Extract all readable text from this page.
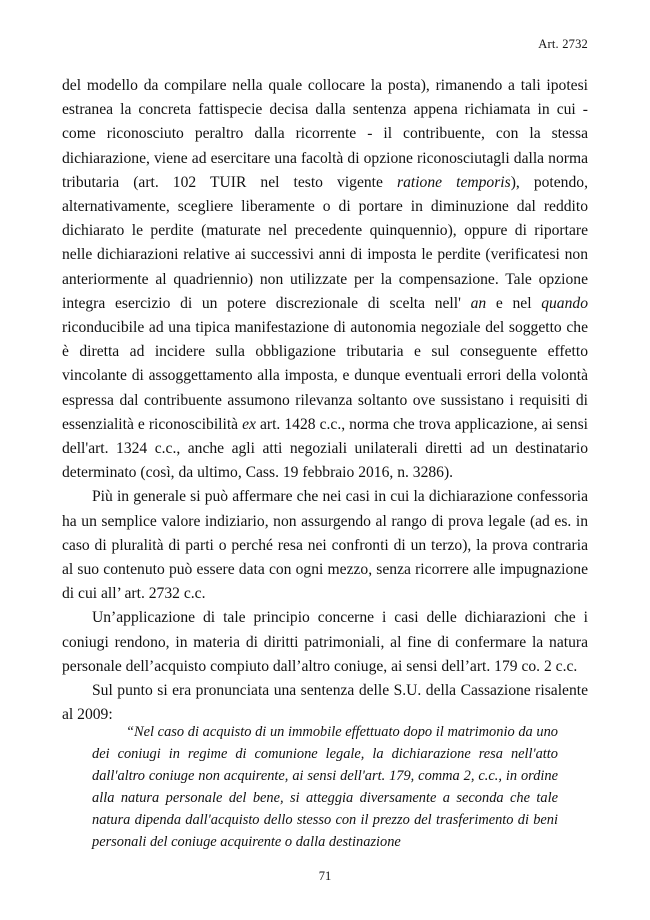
Art. 2732

del modello da compilare nella quale collocare la posta), rimanendo a tali ipotesi estranea la concreta fattispecie decisa dalla sentenza appena richiamata in cui - come riconosciuto peraltro dalla ricorrente - il contribuente, con la stessa dichiarazione, viene ad esercitare una facoltà di opzione riconosciutagli dalla norma tributaria (art. 102 TUIR nel testo vigente ratione temporis), potendo, alternativamente, scegliere liberamente o di portare in diminuzione dal reddito dichiarato le perdite (maturate nel precedente quinquennio), oppure di riportare nelle dichiarazioni relative ai successivi anni di imposta le perdite (verificatesi non anteriormente al quadriennio) non utilizzate per la compensazione. Tale opzione integra esercizio di un potere discrezionale di scelta nell' an e nel quando riconducibile ad una tipica manifestazione di autonomia negoziale del soggetto che è diretta ad incidere sulla obbligazione tributaria e sul conseguente effetto vincolante di assoggettamento alla imposta, e dunque eventuali errori della volontà espressa dal contribuente assumono rilevanza soltanto ove sussistano i requisiti di essenzialità e riconoscibilità ex art. 1428 c.c., norma che trova applicazione, ai sensi dell'art. 1324 c.c., anche agli atti negoziali unilaterali diretti ad un destinatario determinato (così, da ultimo, Cass. 19 febbraio 2016, n. 3286).

Più in generale si può affermare che nei casi in cui la dichiarazione confessoria ha un semplice valore indiziario, non assurgendo al rango di prova legale (ad es. in caso di pluralità di parti o perché resa nei confronti di un terzo), la prova contraria al suo contenuto può essere data con ogni mezzo, senza ricorrere alle impugnazione di cui all’ art. 2732 c.c.

Un’applicazione di tale principio concerne i casi delle dichiarazioni che i coniugi rendono, in materia di diritti patrimoniali, al fine di confermare la natura personale dell’acquisto compiuto dall’altro coniuge, ai sensi dell’art. 179 co. 2 c.c.

Sul punto si era pronunciata una sentenza delle S.U. della Cassazione risalente al 2009:

“Nel caso di acquisto di un immobile effettuato dopo il matrimonio da uno dei coniugi in regime di comunione legale, la dichiarazione resa nell'atto dall'altro coniuge non acquirente, ai sensi dell'art. 179, comma 2, c.c., in ordine alla natura personale del bene, si atteggia diversamente a seconda che tale natura dipenda dall'acquisto dello stesso con il prezzo del trasferimento di beni personali del coniuge acquirente o dalla destinazione

71
